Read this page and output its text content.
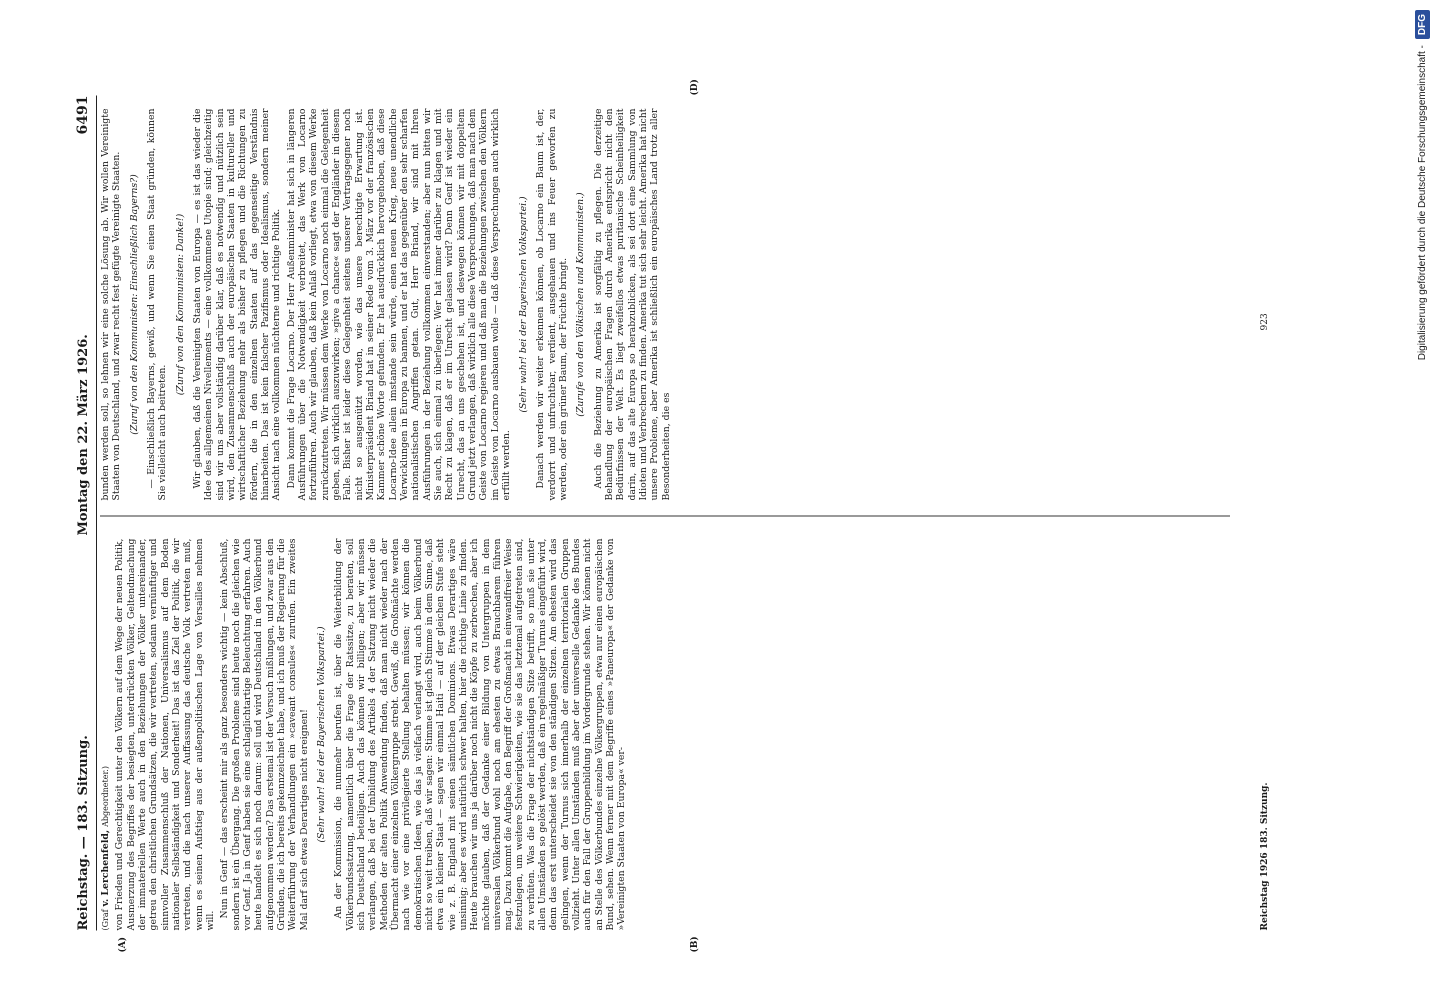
Reichstag. — 183. Sitzung.
Montag den 22. März 1926.
6491
(A)	(B)
(D)

(Graf v. Lerchenfeld, Abgeordneter.) von Frieden und Gerechtigkeit unter den Völkern auf dem Wege der neuen Politik, Ausmerzung des Begriffes der besiegten, unterdrückten Völker, Geltendmachung der immateriellen Werte auch in den Beziehungen der Völker untereinander, getreu den christlichen Grundsätzen, die wir vertreten, sodann vernünftiger und sinnvoller Zusammenschluß der Nationen, Universalismus auf dem Boden nationaler Selbständigkeit und Sonderheit! Das ist das Ziel der Politik, die wir vertreten, und die nach unserer Auffassung das deutsche Volk vertreten muß, wenn es seinen Aufstieg aus der außenpolitischen Lage von Versailles nehmen will.

Nun in Genf — das erscheint mir als ganz besonders wichtig — kein Abschluß, sondern ist ein Übergang. Die großen Probleme sind heute noch die gleichen wie vor Genf. Ja in Genf haben sie eine schlaglichtartige Beleuchtung erfahren. Auch heute handelt es sich noch darum: soll und wird Deutschland in den Völkerbund aufgenommen werden? Das erstemal ist der Versuch mißlungen, und zwar aus den Gründen, die ich bereits gekennzeichnet habe, und ich muß der Regierung für die Weiterführung der Verhandlungen ein »caveant consules« zurufen. Ein zweites Mal darf sich etwas Derartiges nicht ereignen! (Sehr wahr! bei der Bayerischen Volkspartei.) An der Kommission, die nunmehr berufen ist, über die Weiterbildung der Völkerbundssatzung, namentlich über die Frage der Ratssitze, zu beraten, soll sich Deutschland beteiligen. Auch das können wir billigen; aber wir müssen verlangen, daß bei der Umbildung des Artikels 4 der Satzung nicht wieder die Methoden der alten Politik Anwendung finden, daß man nicht wieder nach der Übermacht einer einzelnen Völkergruppe strebt. Gewiß, die Großmächte werden nach wie vor eine privilegierte Stellung behalten müssen; wir können die demokratischen Ideen, wie das ja vielfach verlangt wird, auch beim Völkerbund nicht so weit treiben, daß wir sagen: Stimme ist gleich Stimme in dem Sinne, daß etwa ein kleiner Staat — sagen wir einmal Haiti — auf der gleichen Stufe steht wie z. B. England mit seinen sämtlichen Dominions. Etwas Derartiges wäre unsinnig; aber es wird natürlich schwer halten, hier die richtige Linie zu finden. Heute brauchen wir uns ja darüber noch nicht die Köpfe zu zerbrechen, aber ich möchte glauben, daß der Gedanke einer Bildung von Untergruppen in dem universalen Völkerbund wohl noch am ehesten zu etwas Brauchbarem führen mag. Dazu kommt die Aufgabe, den Begriff der Großmacht in einwandfreier Weise festzulegen, um weitere Schwierigkeiten, wie sie das letztemal aufgetreten sind, zu verhüten. Was die Frage der nichtständigen Sitze betrifft, so muß sie unter allen Umständen so gelöst werden, daß ein regelmäßiger Turnus eingeführt wird, denn das erst unterscheidet sie von den ständigen Sitzen. Am ehesten wird das gelingen, wenn der Turnus sich innerhalb der einzelnen territorialen Gruppen vollzieht. Unter allen Umständen muß aber der universelle Gedanke des Bundes auch für den Fall der Gruppenbildung im Vordergrunde stehen. Wir können nicht an Stelle des Völkerbundes einzelne Völkergruppen, etwa nur einen europäischen Bund, sehen. Wenn ferner mit dem Begriffe eines »Paneuropa« der Gedanke von »Vereinigten Staaten von Europa« ver-

bunden werden soll, so lehnen wir eine solche Lösung ab. Wir wollen Vereinigte Staaten von Deutschland, und zwar recht fest gefügte Vereinigte Staaten. (Zuruf von den Kommunisten: Einschließlich Bayerns?) — Einschließlich Bayerns, gewiß, und wenn Sie einen Staat gründen, können Sie vielleicht auch beitreten.

(Zuruf von den Kommunisten: Danke!) Wir glauben, daß die Vereinigten Staaten von Europa — es ist das wieder die Idee des allgemeinen Nivellements — eine vollkommene Utopie sind; gleichzeitig sind wir uns aber vollständig darüber klar, daß es notwendig und nützlich sein wird, den Zusammenschluß auch der europäischen Staaten in kultureller und wirtschaftlicher Beziehung mehr als bisher zu pflegen und die Richtungen zu fördern, die in den einzelnen Staaten auf das gegenseitige Verständnis hinarbeiten. Das ist kein falscher Pazifismus oder Idealismus, sondern meiner Ansicht nach eine vollkommen nüchterne und richtige Politik. Dann kommt die Frage Locarno. Der Herr Außenminister hat sich in längeren Ausführungen über die Notwendigkeit verbreitet, das Werk von Locarno fortzuführen. Auch wir glauben, daß kein Anlaß vorliegt, etwa von diesem Werke zurückzutreten. Wir müssen dem Werke von Locarno noch einmal die Gelegenheit geben, sich wirklich auszuwirken; »give a chance« sagt der Engländer in diesem Falle. Bisher ist leider diese Gelegenheit seitens unserer Vertragsgegner noch nicht so ausgenützt worden, wie das unsere berechtigte Erwartung ist. Ministerpräsident Briand hat in seiner Rede vom 3. März vor der französischen Kammer schöne Worte gefunden. Er hat ausdrücklich hervorgehoben, daß diese Locarno-Idee allein imstande sein würde, einen neuen Krieg, neue unendliche Verwicklungen in Europa zu bannen, und er hat das gegenüber den sehr scharfen nationalistischen Angriffen getan. Gut, Herr Briand, wir sind mit Ihren Ausführungen in der Beziehung vollkommen einverstanden; aber nun bitten wir Sie auch, sich einmal zu überlegen: Wer hat immer darüber zu klagen und mit Recht zu klagen, daß er im Unrecht gelassen wird? Denn Genf ist wieder ein Unrecht, das an uns geschehen ist, und deswegen können wir mit doppeltem Grund jetzt verlangen, daß wirklich alle diese Versprechungen, daß man nach dem Geiste von Locarno regieren und daß man die Beziehungen zwischen den Völkern im Geiste von Locarno ausbauen wolle — daß diese Versprechungen auch wirklich erfüllt werden.

(Sehr wahr! bei der Bayerischen Volkspartei.) Danach werden wir weiter erkennen können, ob Locarno ein Baum ist, der, verdorrt und unfruchtbar, verdient, ausgehauen und ins Feuer geworfen zu werden, oder ein grüner Baum, der Früchte bringt. (Zurufe von den Völkischen und Kommunisten.) Auch die Beziehung zu Amerika ist sorgfältig zu pflegen. Die derzeitige Behandlung der europäischen Fragen durch Amerika entspricht nicht den Bedürfnissen der Welt. Es liegt zweifellos etwas puritanische Scheinheiligkeit darin, auf das alte Europa so herabzublicken, als sei dort eine Sammlung von Idioten und Verbrechern zu finden. Amerika tut sich sehr leicht. Amerika hat nicht unsere Probleme, aber Amerika ist schließlich ein europäisches Land trotz aller Besonderheiten, die es

Reichstag 1926 183. Sitzung.
923	Digitalisierung gefördert durch die Deutsche Forschungsgemeinschaft -
DFG
